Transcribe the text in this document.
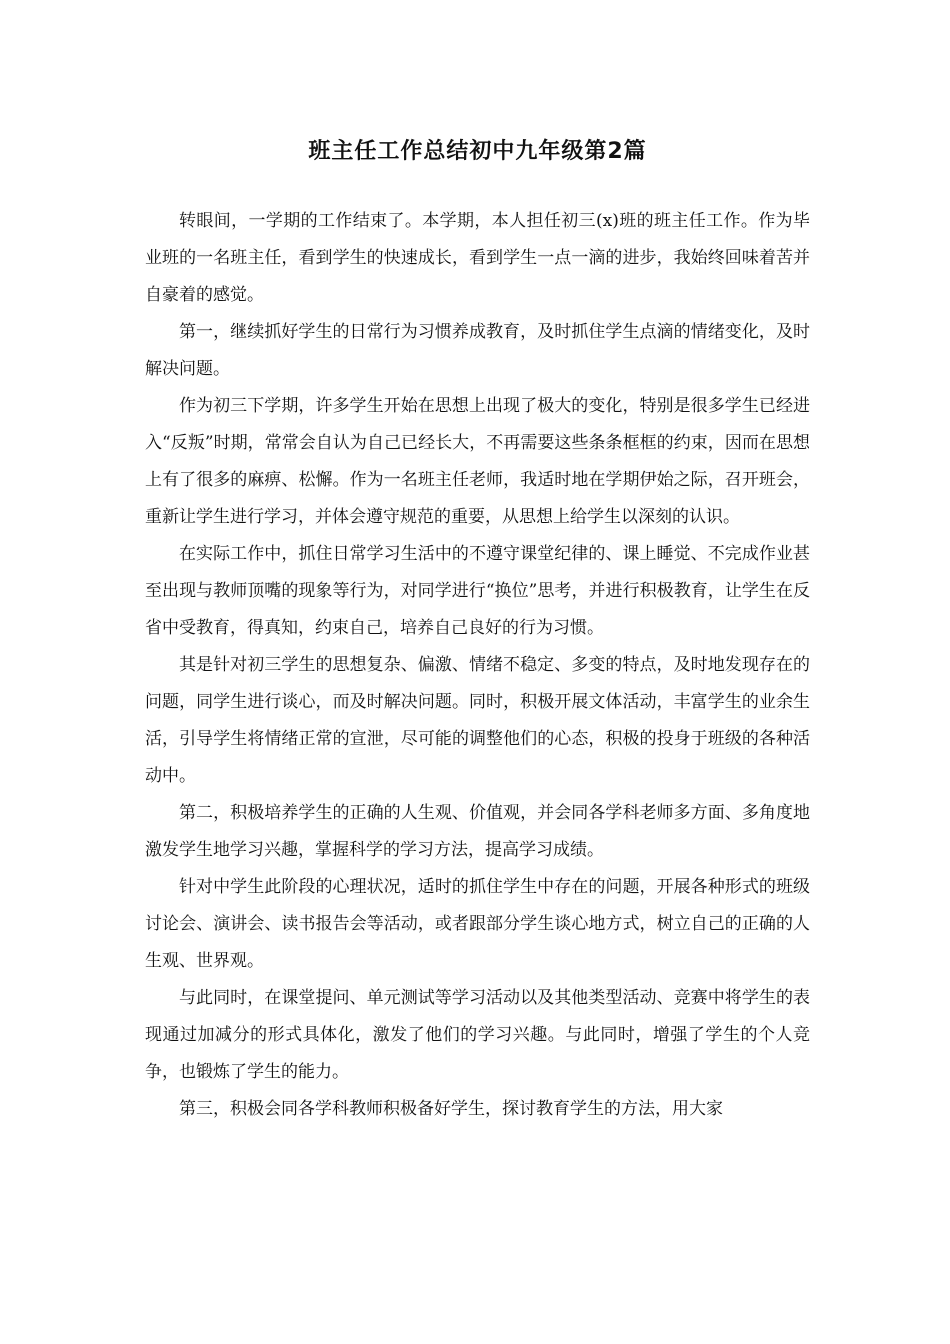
班主任工作总结初中九年级第2篇

转眼间，一学期的工作结束了。本学期，本人担任初三(x)班的班主任工作。作为毕业班的一名班主任，看到学生的快速成长，看到学生一点一滴的进步，我始终回味着苦并自豪着的感觉。

第一，继续抓好学生的日常行为习惯养成教育，及时抓住学生点滴的情绪变化，及时解决问题。

作为初三下学期，许多学生开始在思想上出现了极大的变化，特别是很多学生已经进入“反叛”时期，常常会自认为自己已经长大，不再需要这些条条框框的约束，因而在思想上有了很多的麻痹、松懈。作为一名班主任老师，我适时地在学期伊始之际，召开班会，重新让学生进行学习，并体会遵守规范的重要，从思想上给学生以深刻的认识。

在实际工作中，抓住日常学习生活中的不遵守课堂纪律的、课上睡觉、不完成作业甚至出现与教师顶嘴的现象等行为，对同学进行“换位”思考，并进行积极教育，让学生在反省中受教育，得真知，约束自己，培养自己良好的行为习惯。

其是针对初三学生的思想复杂、偏激、情绪不稳定、多变的特点，及时地发现存在的问题，同学生进行谈心，而及时解决问题。同时，积极开展文体活动，丰富学生的业余生活，引导学生将情绪正常的宣泄，尽可能的调整他们的心态，积极的投身于班级的各种活动中。

第二，积极培养学生的正确的人生观、价值观，并会同各学科老师多方面、多角度地激发学生地学习兴趣，掌握科学的学习方法，提高学习成绩。

针对中学生此阶段的心理状况，适时的抓住学生中存在的问题，开展各种形式的班级讨论会、演讲会、读书报告会等活动，或者跟部分学生谈心地方式，树立自己的正确的人生观、世界观。

与此同时，在课堂提问、单元测试等学习活动以及其他类型活动、竞赛中将学生的表现通过加减分的形式具体化，激发了他们的学习兴趣。与此同时，增强了学生的个人竞争，也锻炼了学生的能力。

第三，积极会同各学科教师积极备好学生，探讨教育学生的方法，用大家
